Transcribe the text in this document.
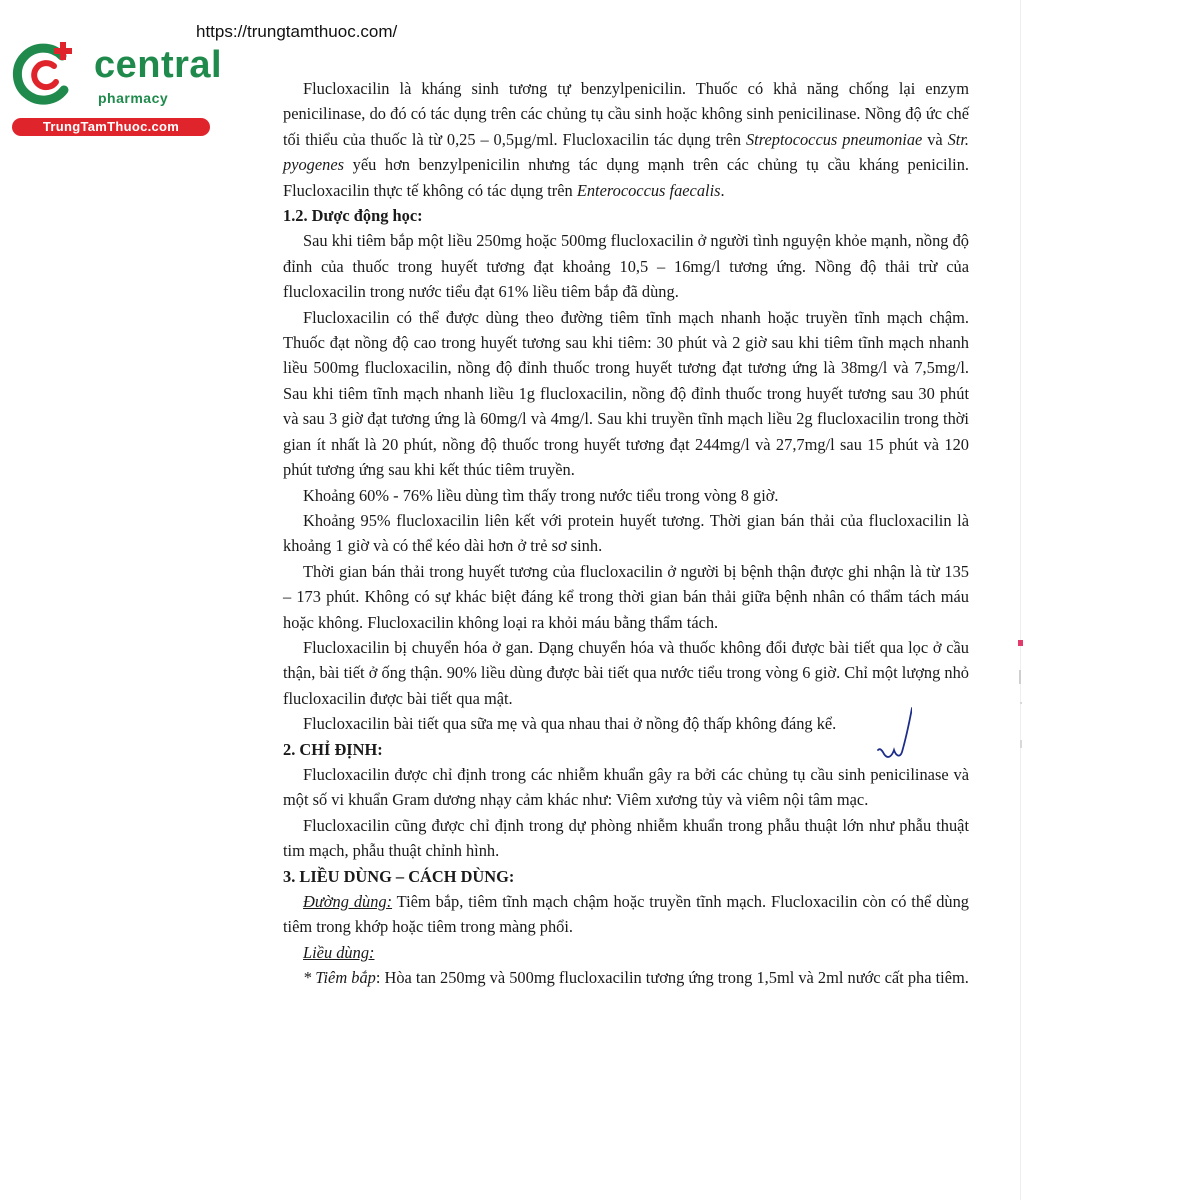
https://trungtamthuoc.com/
central
pharmacy
TrungTamThuoc.com

Flucloxacilin là kháng sinh tương tự benzylpenicilin. Thuốc có khả năng chống lại enzym penicilinase, do đó có tác dụng trên các chủng tụ cầu sinh hoặc không sinh penicilinase. Nồng độ ức chế tối thiểu của thuốc là từ 0,25 – 0,5µg/ml. Flucloxacilin tác dụng trên Streptococcus pneumoniae và Str. pyogenes yếu hơn benzylpenicilin nhưng tác dụng mạnh trên các chủng tụ cầu kháng penicilin. Flucloxacilin thực tế không có tác dụng trên Enterococcus faecalis.

1.2. Dược động học:

Sau khi tiêm bắp một liều 250mg hoặc 500mg flucloxacilin ở người tình nguyện khỏe mạnh, nồng độ đỉnh của thuốc trong huyết tương đạt khoảng 10,5 – 16mg/l tương ứng. Nồng độ thải trừ của flucloxacilin trong nước tiểu đạt 61% liều tiêm bắp đã dùng.

Flucloxacilin có thể được dùng theo đường tiêm tĩnh mạch nhanh hoặc truyền tĩnh mạch chậm. Thuốc đạt nồng độ cao trong huyết tương sau khi tiêm: 30 phút và 2 giờ sau khi tiêm tĩnh mạch nhanh liều 500mg flucloxacilin, nồng độ đỉnh thuốc trong huyết tương đạt tương ứng là 38mg/l và 7,5mg/l. Sau khi tiêm tĩnh mạch nhanh liều 1g flucloxacilin, nồng độ đỉnh thuốc trong huyết tương sau 30 phút và sau 3 giờ đạt tương ứng là 60mg/l và 4mg/l. Sau khi truyền tĩnh mạch liều 2g flucloxacilin trong thời gian ít nhất là 20 phút, nồng độ thuốc trong huyết tương đạt 244mg/l và 27,7mg/l sau 15 phút và 120 phút tương ứng sau khi kết thúc tiêm truyền.

Khoảng 60% - 76% liều dùng tìm thấy trong nước tiểu trong vòng 8 giờ.

Khoảng 95% flucloxacilin liên kết với protein huyết tương. Thời gian bán thải của flucloxacilin là khoảng 1 giờ và có thể kéo dài hơn ở trẻ sơ sinh.

Thời gian bán thải trong huyết tương của flucloxacilin ở người bị bệnh thận được ghi nhận là từ 135 – 173 phút. Không có sự khác biệt đáng kể trong thời gian bán thải giữa bệnh nhân có thẩm tách máu hoặc không. Flucloxacilin không loại ra khỏi máu bằng thẩm tách.

Flucloxacilin bị chuyển hóa ở gan. Dạng chuyển hóa và thuốc không đổi được bài tiết qua lọc ở cầu thận, bài tiết ở ống thận. 90% liều dùng được bài tiết qua nước tiểu trong vòng 6 giờ. Chỉ một lượng nhỏ flucloxacilin được bài tiết qua mật.

Flucloxacilin bài tiết qua sữa mẹ và qua nhau thai ở nồng độ thấp không đáng kể.

2. CHỈ ĐỊNH:

Flucloxacilin được chỉ định trong các nhiễm khuẩn gây ra bởi các chủng tụ cầu sinh penicilinase và một số vi khuẩn Gram dương nhạy cảm khác như: Viêm xương tủy và viêm nội tâm mạc.

Flucloxacilin cũng được chỉ định trong dự phòng nhiễm khuẩn trong phẫu thuật lớn như phẫu thuật tim mạch, phẫu thuật chỉnh hình.

3. LIỀU DÙNG – CÁCH DÙNG:

Đường dùng: Tiêm bắp, tiêm tĩnh mạch chậm hoặc truyền tĩnh mạch. Flucloxacilin còn có thể dùng tiêm trong khớp hoặc tiêm trong màng phổi.

Liều dùng:

* Tiêm bắp: Hòa tan 250mg và 500mg flucloxacilin tương ứng trong 1,5ml và 2ml nước cất pha tiêm.
